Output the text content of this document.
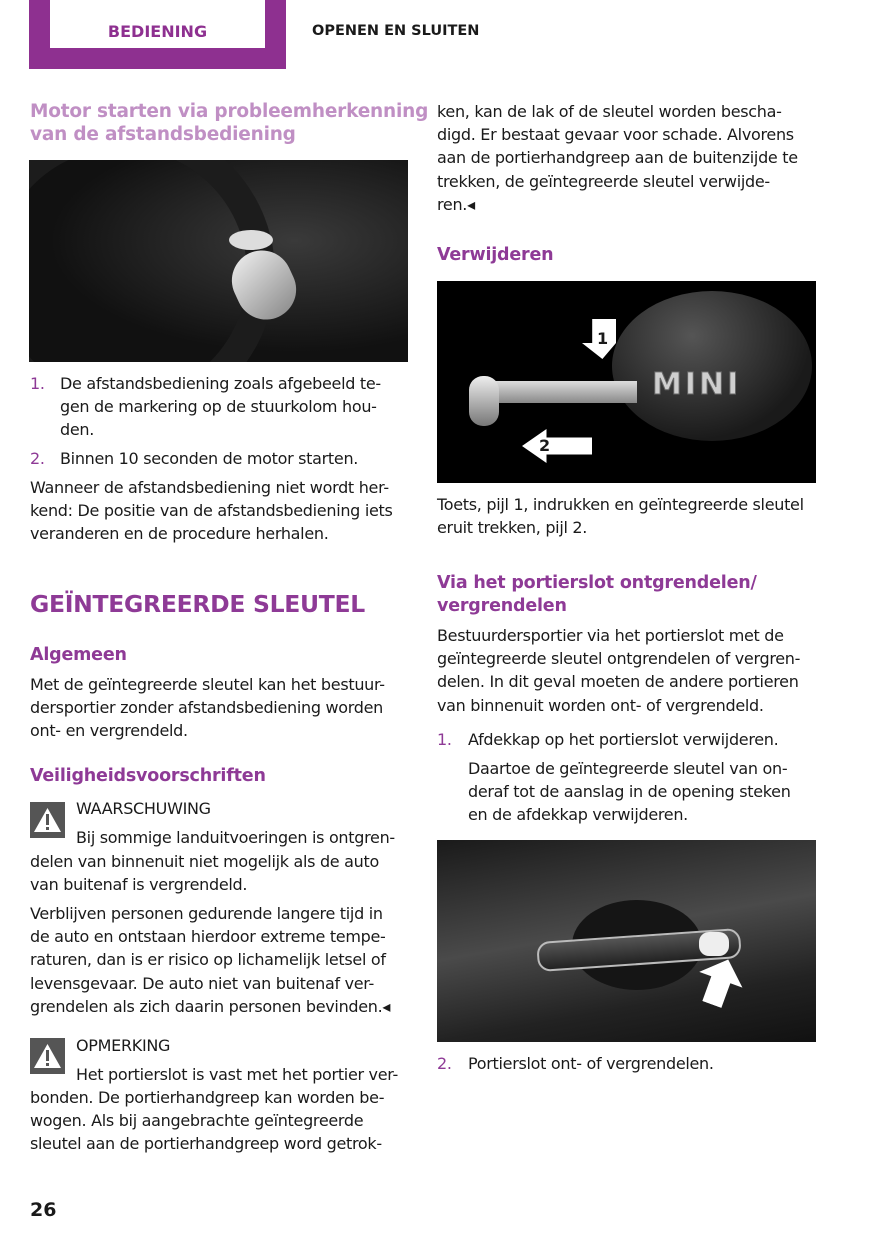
BEDIENING	OPENEN EN SLUITEN
Motor starten via probleemherkenning
van de afstandsbediening
1. De afstandsbediening zoals afgebeeld te-
gen de markering op de stuurkolom hou-
den.
2. Binnen 10 seconden de motor starten.
Wanneer de afstandsbediening niet wordt her-
kend: De positie van de afstandsbediening iets
veranderen en de procedure herhalen.
GEÏNTEGREERDE SLEUTEL
Algemeen
Met de geïntegreerde sleutel kan het bestuur-
dersportier zonder afstandsbediening worden
ont- en vergrendeld.
Veiligheidsvoorschriften
WAARSCHUWING
Bij sommige landuitvoeringen is ontgren-
delen van binnenuit niet mogelijk als de auto
van buitenaf is vergrendeld.
Verblijven personen gedurende langere tijd in
de auto en ontstaan hierdoor extreme tempe-
raturen, dan is er risico op lichamelijk letsel of
levensgevaar. De auto niet van buitenaf ver-
grendelen als zich daarin personen bevinden.◂
OPMERKING
Het portierslot is vast met het portier ver-
bonden. De portierhandgreep kan worden be-
wogen. Als bij aangebrachte geïntegreerde
sleutel aan de portierhandgreep word getrok-
26
ken, kan de lak of de sleutel worden bescha-
digd. Er bestaat gevaar voor schade. Alvorens
aan de portierhandgreep aan de buitenzijde te
trekken, de geïntegreerde sleutel verwijde-
ren.◂
Verwijderen
MINI
1
2
Toets, pijl 1, indrukken en geïntegreerde sleutel
eruit trekken, pijl 2.
Via het portierslot ontgrendelen/
vergrendelen
Bestuurdersportier via het portierslot met de
geïntegreerde sleutel ontgrendelen of vergren-
delen. In dit geval moeten de andere portieren
van binnenuit worden ont- of vergrendeld.
1. Afdekkap op het portierslot verwijderen.
Daartoe de geïntegreerde sleutel van on-
deraf tot de aanslag in de opening steken
en de afdekkap verwijderen.
2. Portierslot ont- of vergrendelen.
